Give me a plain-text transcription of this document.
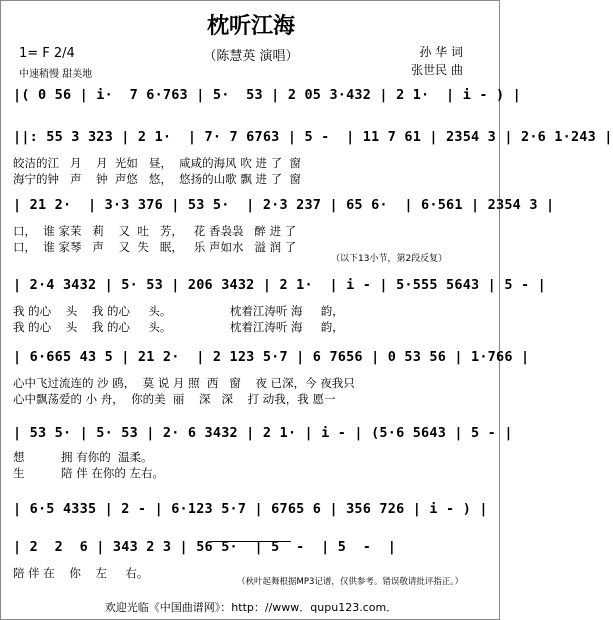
枕听江海
（陈慧英 演唱）	孙 华 词
张世民 曲
1= F 2/4
中速稍慢 甜美地
（以下13小节，第2段反复）
|( 0 56 | i·  7 6·763 | 5·  53 | 2 05 3·432 | 2 1·  | i - ) |
||: 55 3 323 | 2 1·  | 7· 7 6763 | 5 -  | 11 7 61 | 2354 3 | 2·6 1·243 |
皎洁的江   月    月  光如   昼，  咸咸的海风 吹 进 了  窗
海宁的钟   声    钟  声悠   悠，  悠扬的山歌 飘 进 了  窗
| 21 2·  | 3·3 376 | 53 5·  | 2·3 237 | 65 6·  | 6·561 | 2354 3 |
口，  谁 家茉   莉    又  吐   芳，   花 香袅袅   醉 进 了
口，  谁 家琴   声    又  失   眠，   乐 声如水   溢 润 了
| 2·4 3432 | 5· 53 | 206 3432 | 2 1·  | i - | 5·555 5643 | 5 - |
我 的心    头    我 的心     头。                枕着江涛听 海     韵，
我 的心    头    我 的心     头。                枕着江涛听 海     韵，
| 6·665 43 5 | 21 2·  | 2 123 5·7 | 6 7656 | 0 53 56 | 1·766 |
心中飞过流连的 沙 鸥，  莫 说 月 照  西   窗    夜 已深，今 夜我只
心中飘荡爱的 小 舟，  你的美  丽    深   深    打 动我，我 愿一
| 53 5· | 5· 53 | 2· 6 3432 | 2 1· | i - | (5·6 5643 | 5 - |
想          拥 有你的  温柔。
生          陪 伴 在你的 左右。
| 6·5 4335 | 2 - | 6·123 5·7 | 6765 6 | 356 726 | i - ) |
| 2  2  6 | 343 2 3 | 56 5·  | 5  -  | 5  -  |
陪 伴 在    你    左     右。
（秋叶起舞根据MP3记谱，仅供参考。错误敬请批评指正。）
欢迎光临《中国曲谱网》：http：//www．qupu123.com．
